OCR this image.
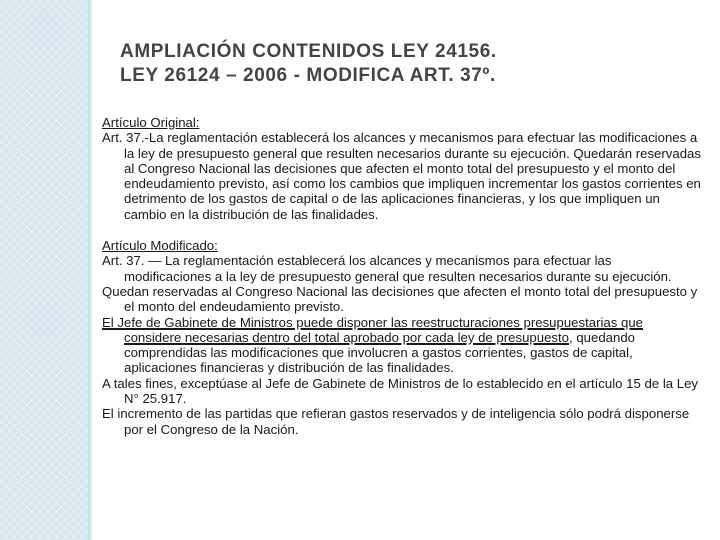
AMPLIACIÓN CONTENIDOS LEY 24156.
LEY 26124 – 2006 - MODIFICA ART. 37º.
Artículo Original:

Art. 37.-La reglamentación establecerá los alcances y mecanismos para efectuar las modificaciones a la ley de presupuesto general que resulten necesarios durante su ejecución. Quedarán reservadas al Congreso Nacional las decisiones que afecten el monto total del presupuesto y el monto del endeudamiento previsto, así como los cambios que impliquen incrementar los gastos corrientes en detrimento de los gastos de capital o de las aplicaciones financieras, y los que impliquen un cambio en la distribución de las finalidades.

Artículo Modificado:

Art. 37. — La reglamentación establecerá los alcances y mecanismos para efectuar las modificaciones a la ley de presupuesto general que resulten necesarios durante su ejecución.

Quedan reservadas al Congreso Nacional las decisiones que afecten el monto total del presupuesto y el monto del endeudamiento previsto.

El Jefe de Gabinete de Ministros puede disponer las reestructuraciones presupuestarias que considere necesarias dentro del total aprobado por cada ley de presupuesto, quedando comprendidas las modificaciones que involucren a gastos corrientes, gastos de capital, aplicaciones financieras y distribución de las finalidades.

A tales fines, exceptúase al Jefe de Gabinete de Ministros de lo establecido en el artículo 15 de la Ley N° 25.917.

El incremento de las partidas que refieran gastos reservados y de inteligencia sólo podrá disponerse por el Congreso de la Nación.
